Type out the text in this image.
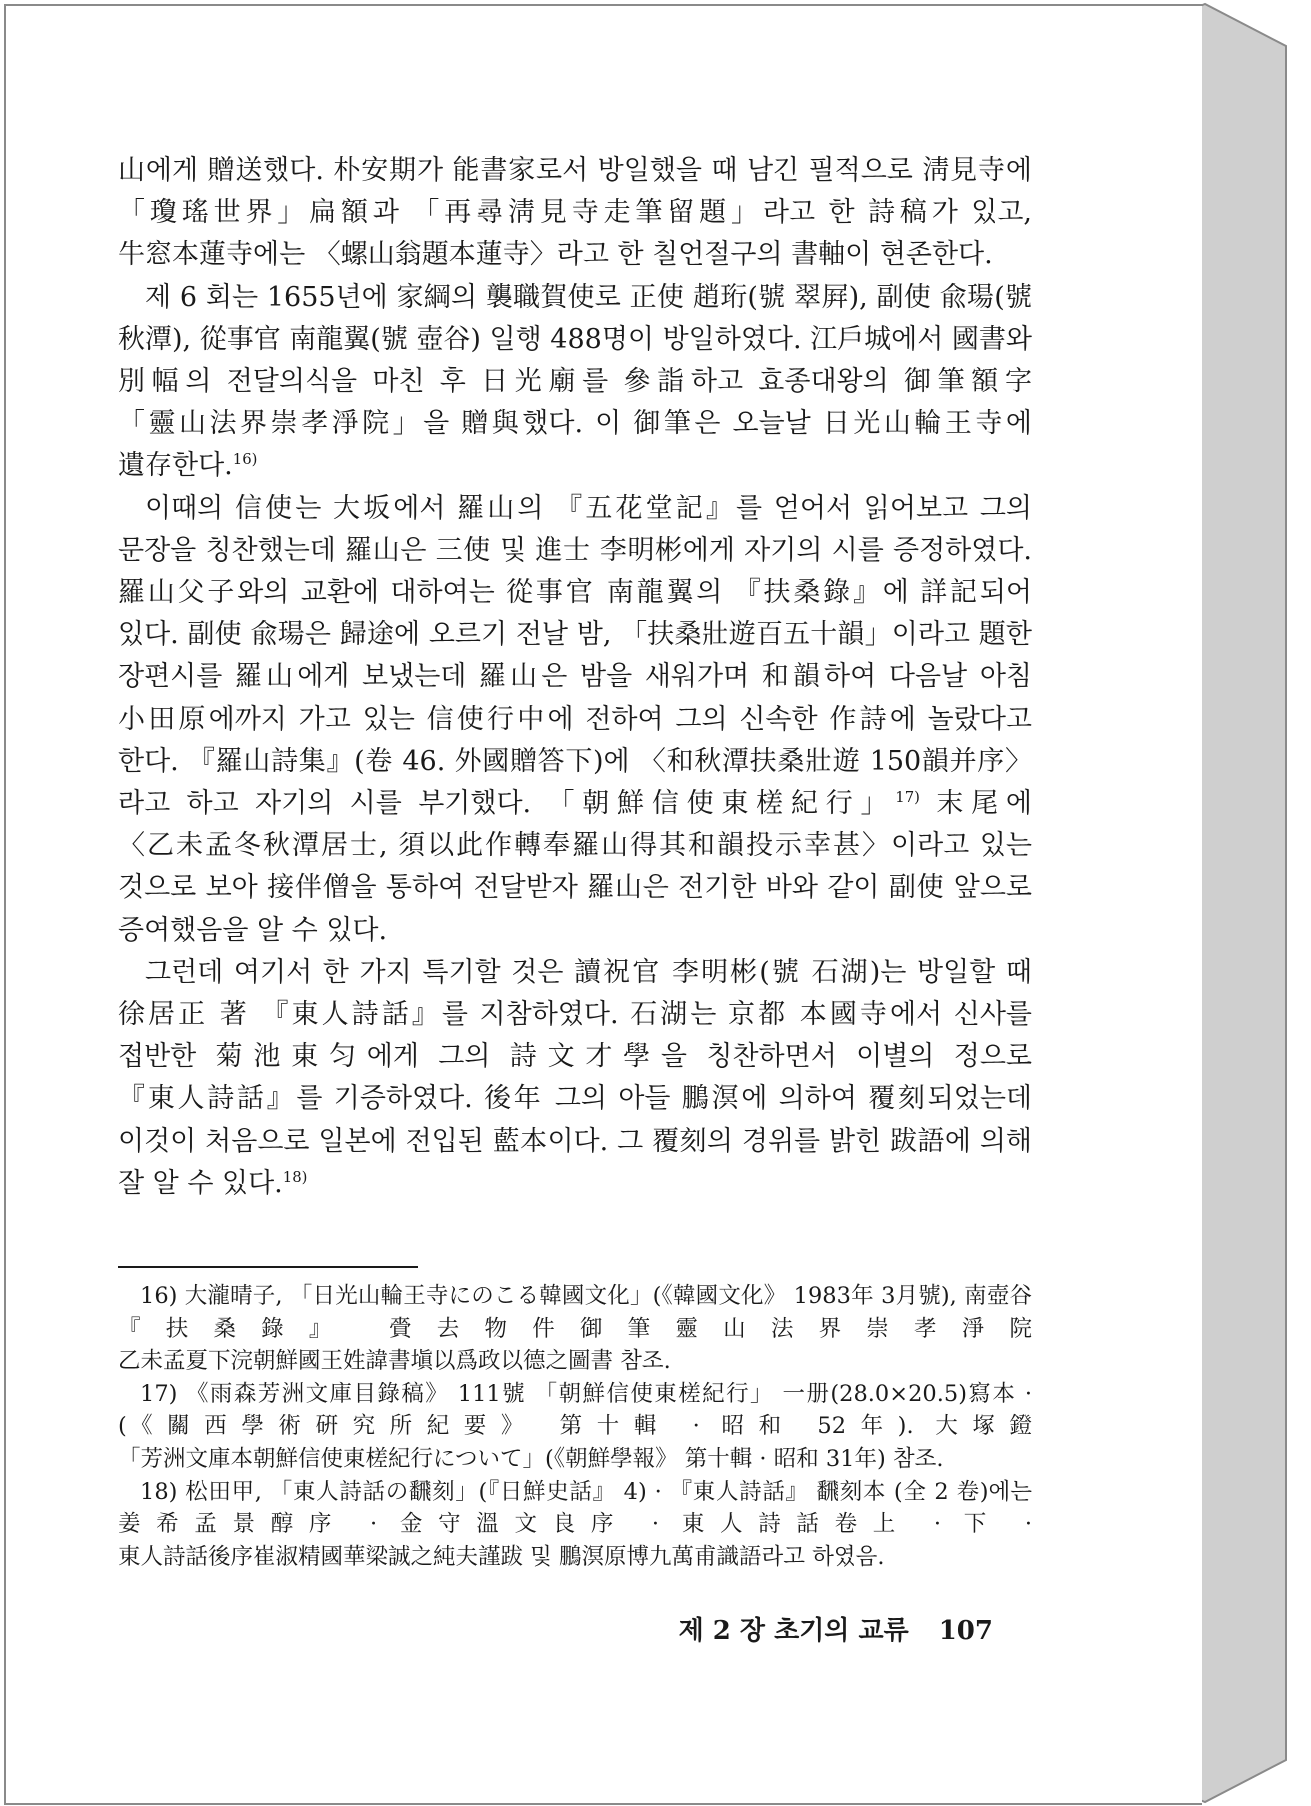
山에게 贈送했다. 朴安期가 能書家로서 방일했을 때 남긴 필적으로 淸見寺에 「瓊瑤世界」扁額과 「再尋淸見寺走筆留題」라고 한 詩稿가 있고, 牛窓本蓮寺에는 〈螺山翁題本蓮寺〉라고 한 칠언절구의 書軸이 현존한다.

제 6 회는 1655년에 家綱의 襲職賀使로 正使 趙珩(號 翠屛), 副使 兪瑒(號 秋潭), 從事官 南龍翼(號 壺谷) 일행 488명이 방일하였다. 江戶城에서 國書와 別幅의 전달의식을 마친 후 日光廟를 參詣하고 효종대왕의 御筆額字 「靈山法界崇孝淨院」을 贈與했다. 이 御筆은 오늘날 日光山輪王寺에 遺存한다.$^{16)}$

이때의 信使는 大坂에서 羅山의 『五花堂記』를 얻어서 읽어보고 그의 문장을 칭찬했는데 羅山은 三使 및 進士 李明彬에게 자기의 시를 증정하였다. 羅山父子와의 교환에 대하여는 從事官 南龍翼의 『扶桑錄』에 詳記되어 있다. 副使 兪瑒은 歸途에 오르기 전날 밤, 「扶桑壯遊百五十韻」이라고 題한 장편시를 羅山에게 보냈는데 羅山은 밤을 새워가며 和韻하여 다음날 아침 小田原에까지 가고 있는 信使行中에 전하여 그의 신속한 作詩에 놀랐다고 한다. 『羅山詩集』(卷 46. 外國贈答下)에 〈和秋潭扶桑壯遊 150韻并序〉라고 하고 자기의 시를 부기했다. 「朝鮮信使東槎紀行」$^{17)}$ 末尾에 〈乙未孟冬秋潭居士, 須以此作轉奉羅山得其和韻投示幸甚〉이라고 있는 것으로 보아 接伴僧을 통하여 전달받자 羅山은 전기한 바와 같이 副使 앞으로 증여했음을 알 수 있다.

그런데 여기서 한 가지 특기할 것은 讀祝官 李明彬(號 石湖)는 방일할 때 徐居正 著 『東人詩話』를 지참하였다. 石湖는 京都 本國寺에서 신사를 접반한 菊池東匀에게 그의 詩文才學을 칭찬하면서 이별의 정으로 『東人詩話』를 기증하였다. 後年 그의 아들 鵬溟에 의하여 覆刻되었는데 이것이 처음으로 일본에 전입된 藍本이다. 그 覆刻의 경위를 밝힌 跋語에 의해 잘 알 수 있다.$^{18)}$

16) 大瀧晴子, 「日光山輪王寺にのこる韓國文化」(《韓國文化》 1983年 3月號), 南壺谷 『扶桑錄』 賫去物件御筆靈山法界崇孝淨院 乙未孟夏下浣朝鮮國王姓諱書塡以爲政以德之圖書 참조.

17) 《雨森芳洲文庫目錄稿》 111號 「朝鮮信使東槎紀行」 一册(28.0×20.5)寫本 · (《關西學術硏究所紀要》 第十輯 · 昭和 52年). 大塚鐙 「芳洲文庫本朝鮮信使東槎紀行について」(《朝鮮學報》 第十輯 · 昭和 31年) 참조.

18) 松田甲, 「東人詩話の飜刻」(『日鮮史話』 4) · 『東人詩話』 飜刻本 (全 2 卷)에는 姜希孟景醇序 · 金守溫文良序 · 東人詩話卷上 · 下 · 東人詩話後序崔淑精國華梁誠之純夫謹跋 및 鵬溟原博九萬甫識語라고 하였음.

제 2 장 초기의 교류 107
